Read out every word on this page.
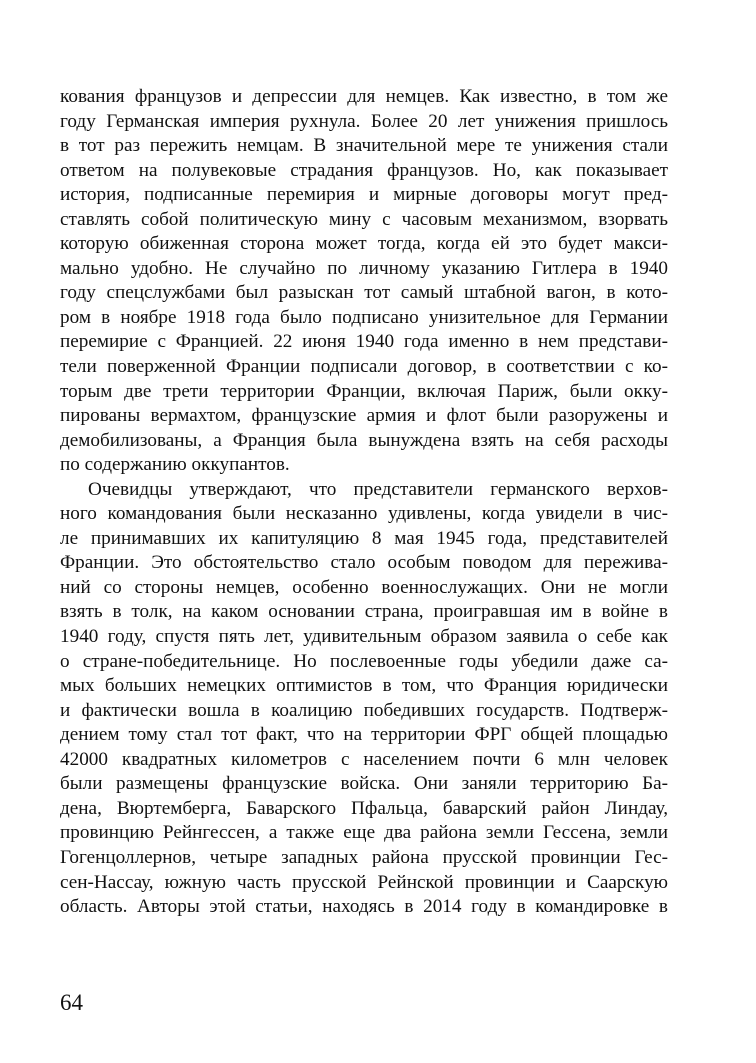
кования французов и депрессии для немцев. Как известно, в том же
году Германская империя рухнула. Более 20 лет унижения пришлось
в тот раз пережить немцам. В значительной мере те унижения стали
ответом на полувековые страдания французов. Но, как показывает
история, подписанные перемирия и мирные договоры могут пред-
ставлять собой политическую мину с часовым механизмом, взорвать
которую обиженная сторона может тогда, когда ей это будет макси-
мально удобно. Не случайно по личному указанию Гитлера в 1940
году спецслужбами был разыскан тот самый штабной вагон, в кото-
ром в ноябре 1918 года было подписано унизительное для Германии
перемирие с Францией. 22 июня 1940 года именно в нем представи-
тели поверженной Франции подписали договор, в соответствии с ко-
торым две трети территории Франции, включая Париж, были окку-
пированы вермахтом, французские армия и флот были разоружены и
демобилизованы, а Франция была вынуждена взять на себя расходы
по содержанию оккупантов.
Очевидцы утверждают, что представители германского верхов-
ного командования были несказанно удивлены, когда увидели в чис-
ле принимавших их капитуляцию 8 мая 1945 года, представителей
Франции. Это обстоятельство стало особым поводом для пережива-
ний со стороны немцев, особенно военнослужащих. Они не могли
взять в толк, на каком основании страна, проигравшая им в войне в
1940 году, спустя пять лет, удивительным образом заявила о себе как
о стране-победительнице. Но послевоенные годы убедили даже са-
мых больших немецких оптимистов в том, что Франция юридически
и фактически вошла в коалицию победивших государств. Подтверж-
дением тому стал тот факт, что на территории ФРГ общей площадью
42000 квадратных километров с населением почти 6 млн человек
были размещены французские войска. Они заняли территорию Ба-
дена, Вюртемберга, Баварского Пфальца, баварский район Линдау,
провинцию Рейнгессен, а также еще два района земли Гессена, земли
Гогенцоллернов, четыре западных района прусской провинции Гес-
сен-Нассау, южную часть прусской Рейнской провинции и Саарскую
область. Авторы этой статьи, находясь в 2014 году в командировке в
64
